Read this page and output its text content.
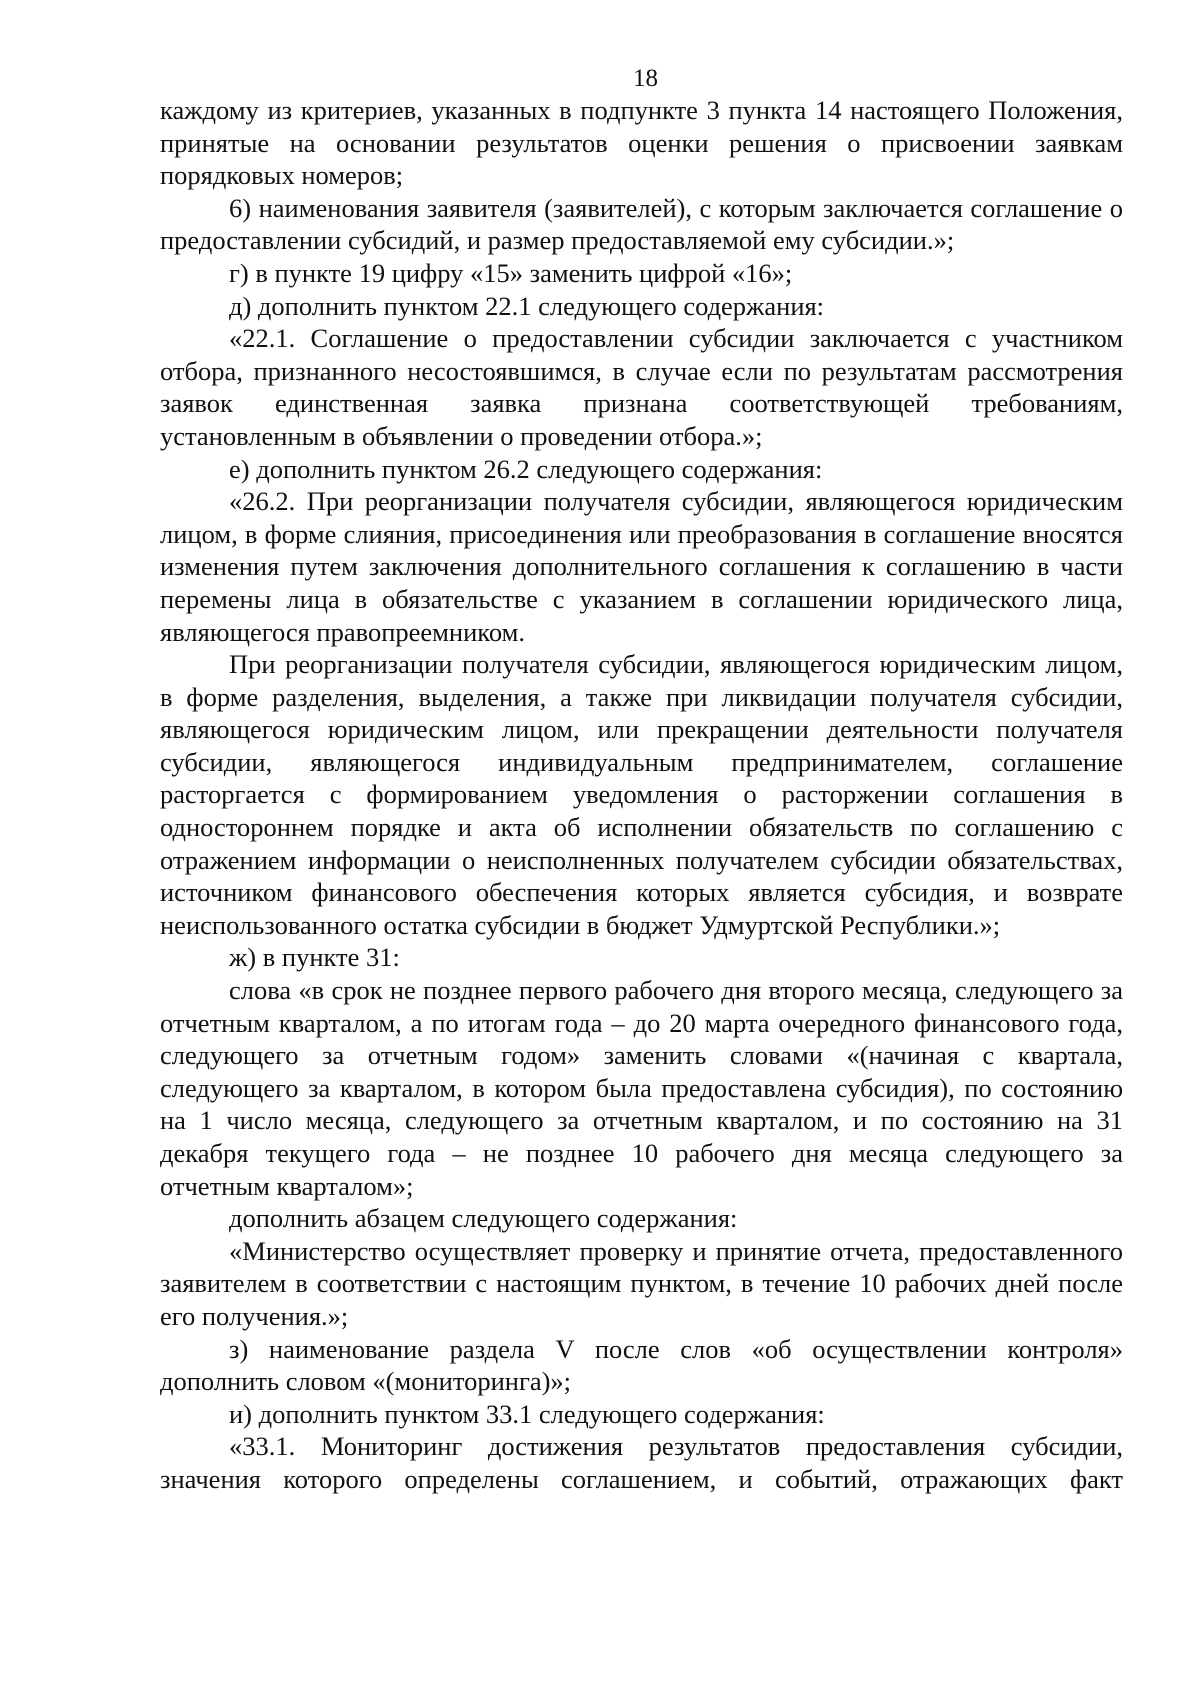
18

каждому из критериев, указанных в подпункте 3 пункта 14 настоящего Положения, принятые на основании результатов оценки решения о присвоении заявкам порядковых номеров;

6) наименования заявителя (заявителей), с которым заключается соглашение о предоставлении субсидий, и размер предоставляемой ему субсидии.»;

г) в пункте 19 цифру «15» заменить цифрой «16»;

д) дополнить пунктом 22.1 следующего содержания:

«22.1. Соглашение о предоставлении субсидии заключается с участником отбора, признанного несостоявшимся, в случае если по результатам рассмотрения заявок единственная заявка признана соответствующей требованиям, установленным в объявлении о проведении отбора.»;

е) дополнить пунктом 26.2 следующего содержания:

«26.2. При реорганизации получателя субсидии, являющегося юридическим лицом, в форме слияния, присоединения или преобразования в соглашение вносятся изменения путем заключения дополнительного соглашения к соглашению в части перемены лица в обязательстве с указанием в соглашении юридического лица, являющегося правопреемником.

При реорганизации получателя субсидии, являющегося юридическим лицом, в форме разделения, выделения, а также при ликвидации получателя субсидии, являющегося юридическим лицом, или прекращении деятельности получателя субсидии, являющегося индивидуальным предпринимателем, соглашение расторгается с формированием уведомления о расторжении соглашения в одностороннем порядке и акта об исполнении обязательств по соглашению с отражением информации о неисполненных получателем субсидии обязательствах, источником финансового обеспечения которых является субсидия, и возврате неиспользованного остатка субсидии в бюджет Удмуртской Республики.»;

ж) в пункте 31:

слова «в срок не позднее первого рабочего дня второго месяца, следующего за отчетным кварталом, а по итогам года – до 20 марта очередного финансового года, следующего за отчетным годом» заменить словами «(начиная с квартала, следующего за кварталом, в котором была предоставлена субсидия), по состоянию на 1 число месяца, следующего за отчетным кварталом, и по состоянию на 31 декабря текущего года – не позднее 10 рабочего дня месяца следующего за отчетным кварталом»;

дополнить абзацем следующего содержания:

«Министерство осуществляет проверку и принятие отчета, предоставленного заявителем в соответствии с настоящим пунктом, в течение 10 рабочих дней после его получения.»;

з) наименование раздела V после слов «об осуществлении контроля» дополнить словом «(мониторинга)»;

и) дополнить пунктом 33.1 следующего содержания:

«33.1. Мониторинг достижения результатов предоставления субсидии, значения которого определены соглашением, и событий, отражающих факт
